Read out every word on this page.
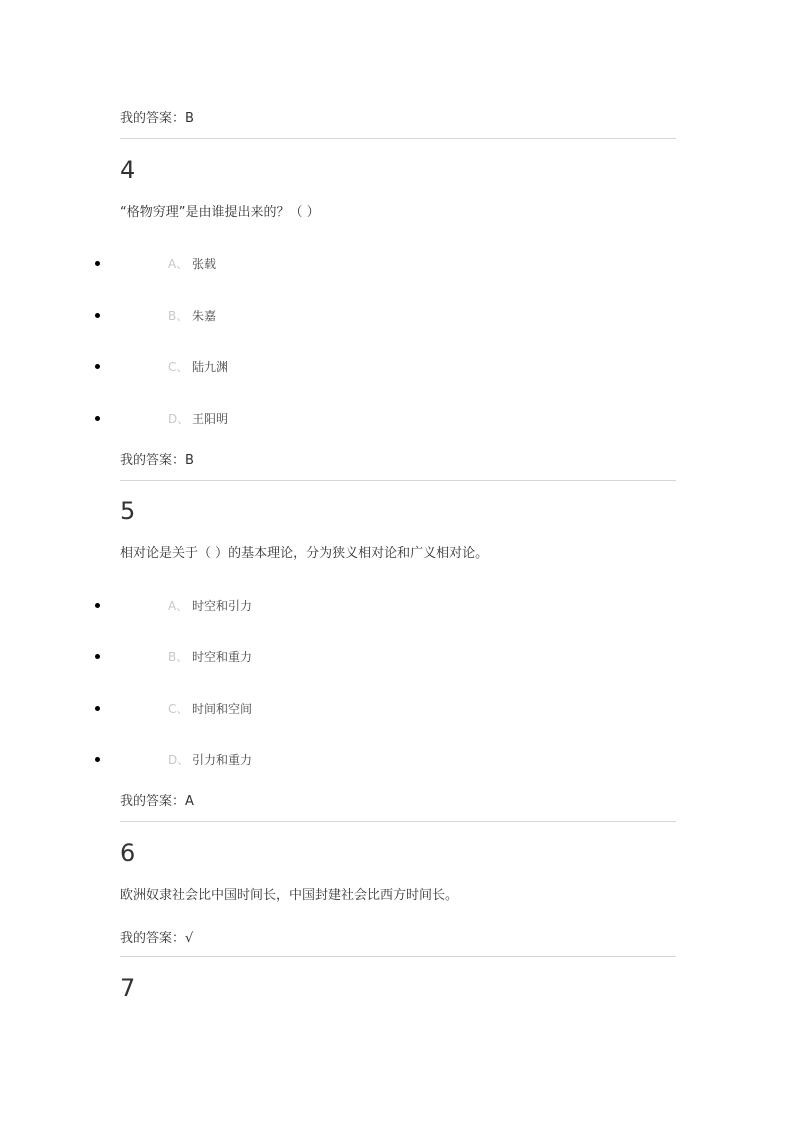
我的答案：B
4
“格物穷理”是由谁提出来的？（ ）
A、 张载
B、 朱嘉
C、 陆九渊
D、 王阳明
我的答案：B
5
相对论是关于（ ）的基本理论，分为狭义相对论和广义相对论。
A、 时空和引力
B、 时空和重力
C、 时间和空间
D、 引力和重力
我的答案：A
6
欧洲奴隶社会比中国时间长，中国封建社会比西方时间长。
我的答案：√
7
